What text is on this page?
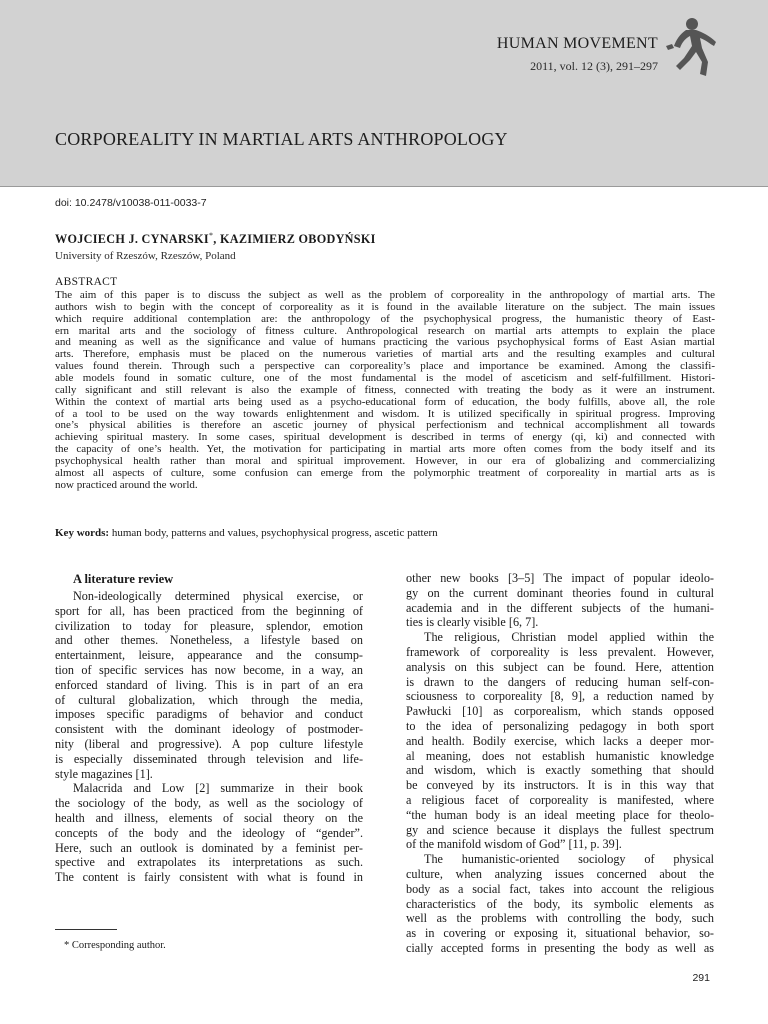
HUMAN MOVEMENT
2011, vol. 12 (3), 291–297
CORPOREALITY IN MARTIAL ARTS ANTHROPOLOGY
doi: 10.2478/v10038-011-0033-7
WOJCIECH J. CYNARSKI*, KAZIMIERZ OBODYŃSKI
University of Rzeszów, Rzeszów, Poland
ABSTRACT
The aim of this paper is to discuss the subject as well as the problem of corporeality in the anthropology of martial arts. The
authors wish to begin with the concept of corporeality as it is found in the available literature on the subject. The main issues
which require additional contemplation are: the anthropology of the psychophysical progress, the humanistic theory of East-
ern marital arts and the sociology of fitness culture. Anthropological research on martial arts attempts to explain the place
and meaning as well as the significance and value of humans practicing the various psychophysical forms of East Asian martial
arts. Therefore, emphasis must be placed on the numerous varieties of martial arts and the resulting examples and cultural
values found therein. Through such a perspective can corporeality’s place and importance be examined. Among the classifi-
able models found in somatic culture, one of the most fundamental is the model of asceticism and self-fulfillment. Histori-
cally significant and still relevant is also the example of fitness, connected with treating the body as it were an instrument.
Within the context of martial arts being used as a psycho-educational form of education, the body fulfills, above all, the role
of a tool to be used on the way towards enlightenment and wisdom. It is utilized specifically in spiritual progress. Improving
one’s physical abilities is therefore an ascetic journey of physical perfectionism and technical accomplishment all towards
achieving spiritual mastery. In some cases, spiritual development is described in terms of energy (qi, ki) and connected with
the capacity of one’s health. Yet, the motivation for participating in martial arts more often comes from the body itself and its
psychophysical health rather than moral and spiritual improvement. However, in our era of globalizing and commercializing
almost all aspects of culture, some confusion can emerge from the polymorphic treatment of corporeality in martial arts as is
now practiced around the world.
Key words: human body, patterns and values, psychophysical progress, ascetic pattern
A literature review
Non-ideologically determined physical exercise, or
sport for all, has been practiced from the beginning of
civilization to today for pleasure, splendor, emotion
and other themes. Nonetheless, a lifestyle based on
entertainment, leisure, appearance and the consump-
tion of specific services has now become, in a way, an
enforced standard of living. This is in part of an era
of cultural globalization, which through the media,
imposes specific paradigms of behavior and conduct
consistent with the dominant ideology of postmoder-
nity (liberal and progressive). A pop culture lifestyle
is especially disseminated through television and life-
style magazines [1].
Malacrida and Low [2] summarize in their book
the sociology of the body, as well as the sociology of
health and illness, elements of social theory on the
concepts of the body and the ideology of “gender”.
Here, such an outlook is dominated by a feminist per-
spective and extrapolates its interpretations as such.
The content is fairly consistent with what is found in
other new books [3–5] The impact of popular ideolo-
gy on the current dominant theories found in cultural
academia and in the different subjects of the humani-
ties is clearly visible [6, 7].
The religious, Christian model applied within the
framework of corporeality is less prevalent. However,
analysis on this subject can be found. Here, attention
is drawn to the dangers of reducing human self-con-
sciousness to corporeality [8, 9], a reduction named by
Pawłucki [10] as corporealism, which stands opposed
to the idea of personalizing pedagogy in both sport
and health. Bodily exercise, which lacks a deeper mor-
al meaning, does not establish humanistic knowledge
and wisdom, which is exactly something that should
be conveyed by its instructors. It is in this way that
a religious facet of corporeality is manifested, where
“the human body is an ideal meeting place for theolo-
gy and science because it displays the fullest spectrum
of the manifold wisdom of God” [11, p. 39].
The humanistic-oriented sociology of physical
culture, when analyzing issues concerned about the
body as a social fact, takes into account the religious
characteristics of the body, its symbolic elements as
well as the problems with controlling the body, such
as in covering or exposing it, situational behavior, so-
cially accepted forms in presenting the body as well as
* Corresponding author.
291
